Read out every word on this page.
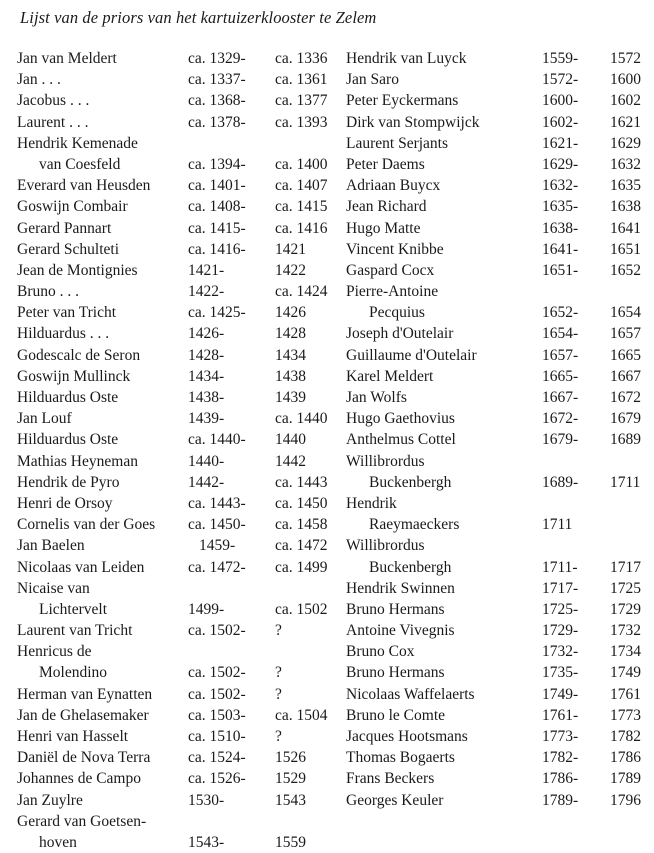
Lijst van de priors van het kartuizerklooster te Zelem
Jan van Meldert	ca. 1329- ca. 1336
Jan . . .	ca. 1337- ca. 1361
Jacobus . . .	ca. 1368- ca. 1377
Laurent . . .	ca. 1378- ca. 1393
Hendrik Kemenade
van Coesfeld	ca. 1394- ca. 1400
Everard van Heusden ca. 1401- ca. 1407
Goswijn Combair	ca. 1408- ca. 1415
Gerard Pannart	ca. 1415- ca. 1416
Gerard Schulteti	ca. 1416- 1421
Jean de Montignies	1421-	1422
Bruno . . .	1422-	ca. 1424
Peter van Tricht	ca. 1425- 1426
Hilduardus . . .	1426-	1428
Godescalc de Seron	1428-	1434
Goswijn Mullinck	1434-	1438
Hilduardus Oste	1438-	1439
Jan Louf	1439-	ca. 1440
Hilduardus Oste	ca. 1440- 1440
Mathias Heyneman	1440-	1442
Hendrik de Pyro	1442-	ca. 1443
Henri de Orsoy	ca. 1443- ca. 1450
Cornelis van der Goes ca. 1450- ca. 1458
Jan Baelen	1459-	ca. 1472
Nicolaas van Leiden	ca. 1472- ca. 1499
Nicaise van
Lichtervelt	1499-	ca. 1502
Laurent van Tricht	ca. 1502- ?
Henricus de
Molendino	ca. 1502- ?
Herman van Eynatten ca. 1502- ?
Jan de Ghelasemaker	ca. 1503- ca. 1504
Henri van Hasselt	ca. 1510- ?
Daniël de Nova Terra ca. 1524- 1526
Johannes de Campo	ca. 1526- 1529
Jan Zuylre	1530-	1543
Gerard van Goetsen-
hoven	1543-	1559
Hendrik van Luyck	1559- 1572
Jan Saro	1572- 1600
Peter Eyckermans	1600- 1602
Dirk van Stompwijck	1602- 1621
Laurent Serjants	1621- 1629
Peter Daems	1629- 1632
Adriaan Buycx	1632- 1635
Jean Richard	1635- 1638
Hugo Matte	1638- 1641
Vincent Knibbe	1641- 1651
Gaspard Cocx	1651- 1652
Pierre-Antoine
Pecquius	1652- 1654
Joseph d'Outelair	1654- 1657
Guillaume d'Outelair	1657- 1665
Karel Meldert	1665- 1667
Jan Wolfs	1667- 1672
Hugo Gaethovius	1672- 1679
Anthelmus Cottel	1679- 1689
Willibrordus
Buckenbergh	1689- 1711
Hendrik
Raeymaeckers	1711
Willibrordus
Buckenbergh	1711- 1717
Hendrik Swinnen	1717- 1725
Bruno Hermans	1725- 1729
Antoine Vivegnis	1729- 1732
Bruno Cox	1732- 1734
Bruno Hermans	1735- 1749
Nicolaas Waffelaerts	1749- 1761
Bruno le Comte	1761- 1773
Jacques Hootsmans	1773- 1782
Thomas Bogaerts	1782- 1786
Frans Beckers	1786- 1789
Georges Keuler	1789- 1796
